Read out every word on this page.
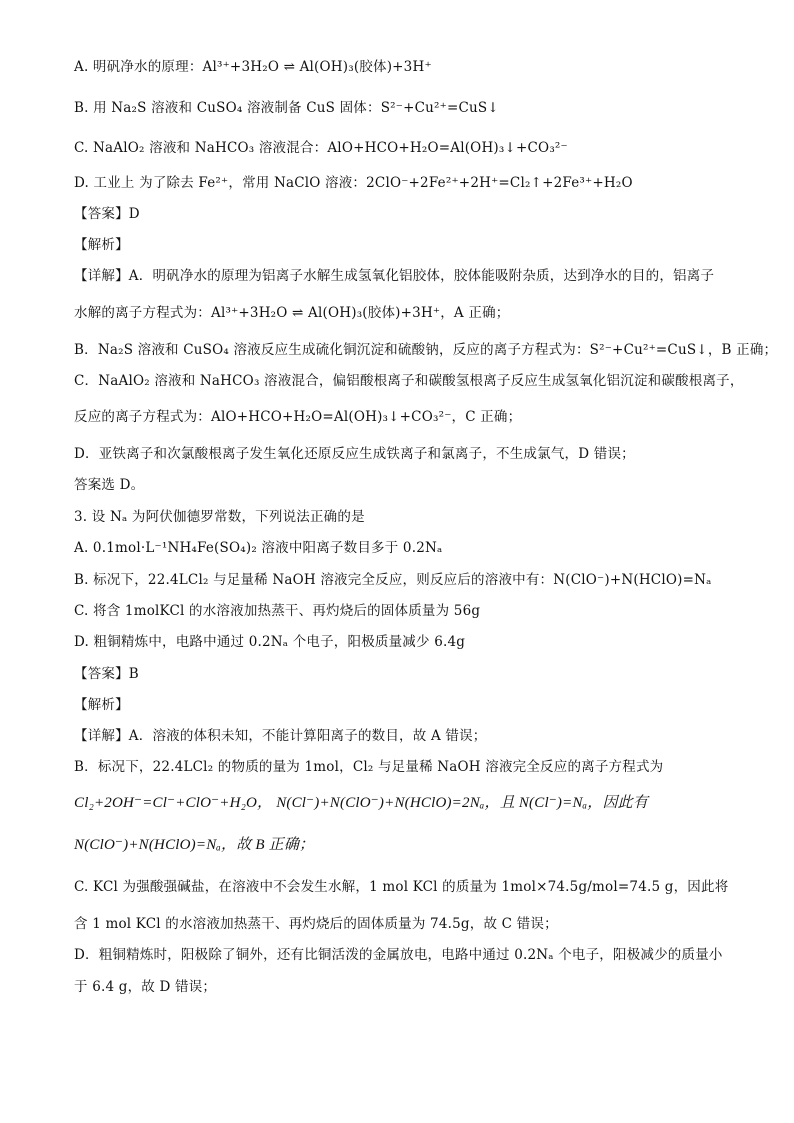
A. 明矾净水的原理：Al³⁺+3H₂O ⇌ Al(OH)₃(胶体)+3H⁺
B. 用 Na₂S 溶液和 CuSO₄ 溶液制备 CuS 固体：S²⁻+Cu²⁺=CuS↓
C. NaAlO₂ 溶液和 NaHCO₃ 溶液混合：AlO+HCO+H₂O=Al(OH)₃↓+CO₃²⁻
D. 工业上 为了除去 Fe²⁺，常用 NaClO 溶液：2ClO⁻+2Fe²⁺+2H⁺=Cl₂↑+2Fe³⁺+H₂O
【答案】D
【解析】
【详解】A．明矾净水的原理为铝离子水解生成氢氧化铝胶体，胶体能吸附杂质，达到净水的目的，铝离子
水解的离子方程式为：Al³⁺+3H₂O ⇌ Al(OH)₃(胶体)+3H⁺，A 正确；
B．Na₂S 溶液和 CuSO₄ 溶液反应生成硫化铜沉淀和硫酸钠，反应的离子方程式为：S²⁻+Cu²⁺=CuS↓，B 正确；
C．NaAlO₂ 溶液和 NaHCO₃ 溶液混合，偏铝酸根离子和碳酸氢根离子反应生成氢氧化铝沉淀和碳酸根离子，
反应的离子方程式为：AlO+HCO+H₂O=Al(OH)₃↓+CO₃²⁻，C 正确；
D．亚铁离子和次氯酸根离子发生氧化还原反应生成铁离子和氯离子，不生成氯气，D 错误；
答案选 D。
3. 设 Nₐ 为阿伏伽德罗常数，下列说法正确的是
A. 0.1mol·L⁻¹NH₄Fe(SO₄)₂ 溶液中阳离子数目多于 0.2Nₐ
B. 标况下，22.4LCl₂ 与足量稀 NaOH 溶液完全反应，则反应后的溶液中有：N(ClO⁻)+N(HClO)=Nₐ
C. 将含 1molKCl 的水溶液加热蒸干、再灼烧后的固体质量为 56g
D. 粗铜精炼中，电路中通过 0.2Nₐ 个电子，阳极质量减少 6.4g
【答案】B
【解析】
【详解】A．溶液的体积未知，不能计算阳离子的数目，故 A 错误；
B．标况下，22.4LCl₂ 的物质的量为 1mol，Cl₂ 与足量稀 NaOH 溶液完全反应的离子方程式为
Cl₂+2OH⁻=Cl⁻+ClO⁻+H₂O， N(Cl⁻)+N(ClO⁻)+N(HClO)=2Nₐ，且 N(Cl⁻)=Nₐ，因此有
N(ClO⁻)+N(HClO)=Nₐ，故 B 正确；
C. KCl 为强酸强碱盐，在溶液中不会发生水解，1 mol KCl 的质量为 1mol×74.5g/mol=74.5 g，因此将
含 1 mol KCl 的水溶液加热蒸干、再灼烧后的固体质量为 74.5g，故 C 错误；
D．粗铜精炼时，阳极除了铜外，还有比铜活泼的金属放电，电路中通过 0.2Nₐ 个电子，阳极减少的质量小
于 6.4 g，故 D 错误；
